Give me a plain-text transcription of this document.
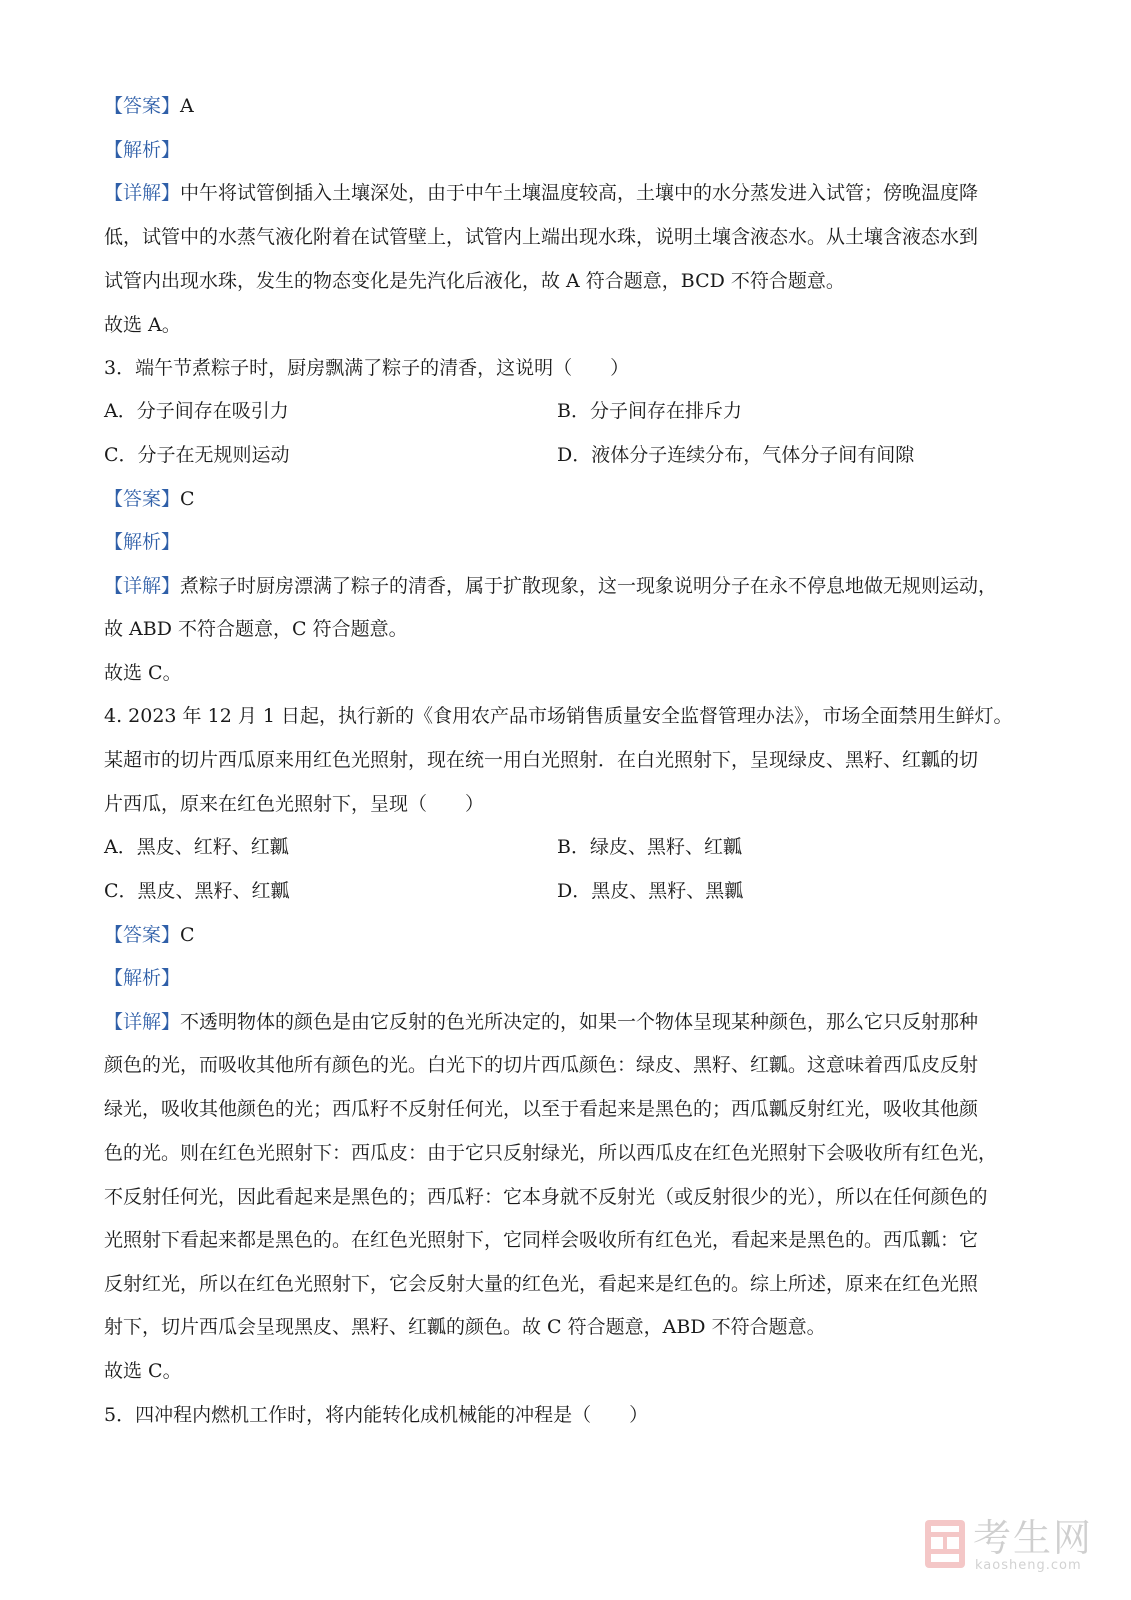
【答案】A
【解析】
【详解】中午将试管倒插入土壤深处，由于中午土壤温度较高，土壤中的水分蒸发进入试管；傍晚温度降
低，试管中的水蒸气液化附着在试管壁上，试管内上端出现水珠，说明土壤含液态水。从土壤含液态水到
试管内出现水珠，发生的物态变化是先汽化后液化，故 A 符合题意，BCD 不符合题意。
故选 A。
3．端午节煮粽子时，厨房飘满了粽子的清香，这说明（　　）
A．分子间存在吸引力	B．分子间存在排斥力
C．分子在无规则运动	D．液体分子连续分布，气体分子间有间隙
【答案】C
【解析】
【详解】煮粽子时厨房漂满了粽子的清香，属于扩散现象，这一现象说明分子在永不停息地做无规则运动，
故 ABD 不符合题意，C 符合题意。
故选 C。
4. 2023 年 12 月 1 日起，执行新的《食用农产品市场销售质量安全监督管理办法》，市场全面禁用生鲜灯。
某超市的切片西瓜原来用红色光照射，现在统一用白光照射．在白光照射下，呈现绿皮、黑籽、红瓤的切
片西瓜，原来在红色光照射下，呈现（　　）
A．黑皮、红籽、红瓤	B．绿皮、黑籽、红瓤
C．黑皮、黑籽、红瓤	D．黑皮、黑籽、黑瓤
【答案】C
【解析】
【详解】不透明物体的颜色是由它反射的色光所决定的，如果一个物体呈现某种颜色，那么它只反射那种
颜色的光，而吸收其他所有颜色的光。白光下的切片西瓜颜色：绿皮、黑籽、红瓤。这意味着西瓜皮反射
绿光，吸收其他颜色的光；西瓜籽不反射任何光，以至于看起来是黑色的；西瓜瓤反射红光，吸收其他颜
色的光。则在红色光照射下：西瓜皮：由于它只反射绿光，所以西瓜皮在红色光照射下会吸收所有红色光，
不反射任何光，因此看起来是黑色的；西瓜籽：它本身就不反射光（或反射很少的光），所以在任何颜色的
光照射下看起来都是黑色的。在红色光照射下，它同样会吸收所有红色光，看起来是黑色的。西瓜瓤：它
反射红光，所以在红色光照射下，它会反射大量的红色光，看起来是红色的。综上所述，原来在红色光照
射下，切片西瓜会呈现黑皮、黑籽、红瓤的颜色。故 C 符合题意，ABD 不符合题意。
故选 C。
5．四冲程内燃机工作时，将内能转化成机械能的冲程是（　　）
考生网
kaosheng.com
